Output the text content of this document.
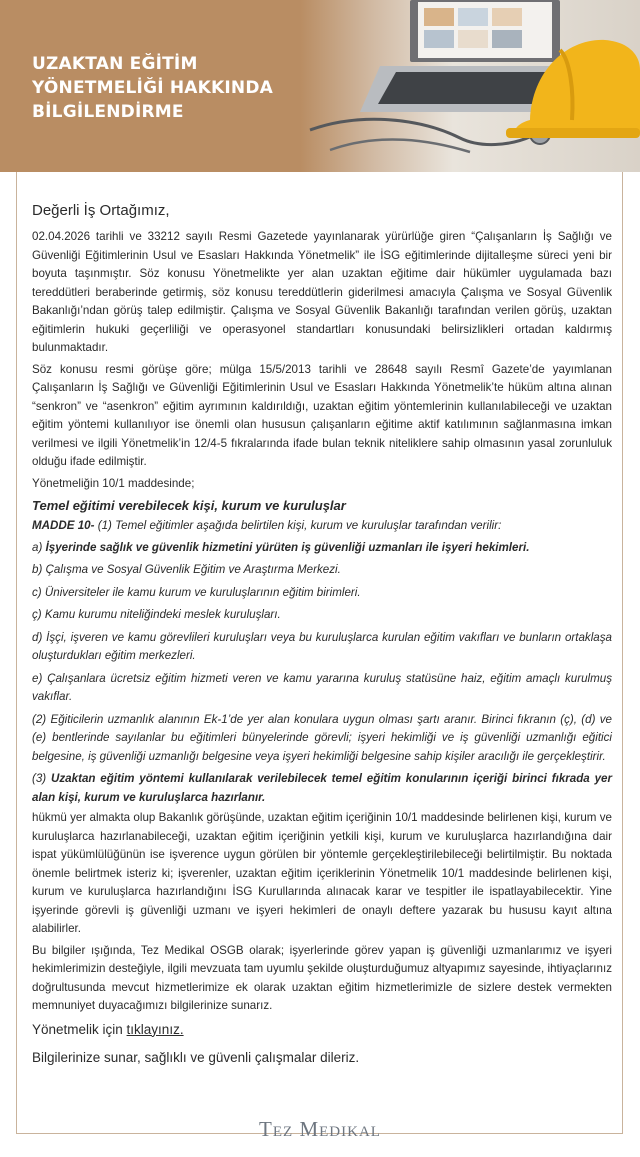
UZAKTAN EĞİTİM
YÖNETMELİĞİ HAKKINDA
BİLGİLENDİRME
Değerli İş Ortağımız,
02.04.2026 tarihli ve 33212 sayılı Resmi Gazetede yayınlanarak yürürlüğe giren “Çalışanların İş Sağlığı ve Güvenliği Eğitimlerinin Usul ve Esasları Hakkında Yönetmelik” ile İSG eğitimlerinde dijitalleşme süreci yeni bir boyuta taşınmıştır. Söz konusu Yönetmelikte yer alan uzaktan eğitime dair hükümler uygulamada bazı tereddütleri beraberinde getirmiş, söz konusu tereddütlerin giderilmesi amacıyla Çalışma ve Sosyal Güvenlik Bakanlığı’ndan görüş talep edilmiştir. Çalışma ve Sosyal Güvenlik Bakanlığı tarafından verilen görüş, uzaktan eğitimlerin hukuki geçerliliği ve operasyonel standartları konusundaki belirsizlikleri ortadan kaldırmış bulunmaktadır.
Söz konusu resmi görüşe göre; mülga 15/5/2013 tarihli ve 28648 sayılı Resmî Gazete’de yayımlanan Çalışanların İş Sağlığı ve Güvenliği Eğitimlerinin Usul ve Esasları Hakkında Yönetmelik’te hüküm altına alınan “senkron” ve “asenkron” eğitim ayrımının kaldırıldığı, uzaktan eğitim yöntemlerinin kullanılabileceği ve uzaktan eğitim yöntemi kullanılıyor ise önemli olan hususun çalışanların eğitime aktif katılımının sağlanmasına imkan verilmesi ve ilgili Yönetmelik’in 12/4-5 fıkralarında ifade bulan teknik niteliklere sahip olmasının yasal zorunluluk olduğu ifade edilmiştir.
Yönetmeliğin 10/1 maddesinde;
Temel eğitimi verebilecek kişi, kurum ve kuruluşlar
MADDE 10- (1) Temel eğitimler aşağıda belirtilen kişi, kurum ve kuruluşlar tarafından verilir:
a) İşyerinde sağlık ve güvenlik hizmetini yürüten iş güvenliği uzmanları ile işyeri hekimleri.
b) Çalışma ve Sosyal Güvenlik Eğitim ve Araştırma Merkezi.
c) Üniversiteler ile kamu kurum ve kuruluşlarının eğitim birimleri.
ç) Kamu kurumu niteliğindeki meslek kuruluşları.
d) İşçi, işveren ve kamu görevlileri kuruluşları veya bu kuruluşlarca kurulan eğitim vakıfları ve bunların ortaklaşa oluşturdukları eğitim merkezleri.
e) Çalışanlara ücretsiz eğitim hizmeti veren ve kamu yararına kuruluş statüsüne haiz, eğitim amaçlı kurulmuş vakıflar.
(2) Eğiticilerin uzmanlık alanının Ek-1’de yer alan konulara uygun olması şartı aranır. Birinci fıkranın (ç), (d) ve (e) bentlerinde sayılanlar bu eğitimleri bünyelerinde görevli; işyeri hekimliği ve iş güvenliği uzmanlığı eğitici belgesine, iş güvenliği uzmanlığı belgesine veya işyeri hekimliği belgesine sahip kişiler aracılığı ile gerçekleştirir.
(3) Uzaktan eğitim yöntemi kullanılarak verilebilecek temel eğitim konularının içeriği birinci fıkrada yer alan kişi, kurum ve kuruluşlarca hazırlanır.
hükmü yer almakta olup Bakanlık görüşünde, uzaktan eğitim içeriğinin 10/1 maddesinde belirlenen kişi, kurum ve kuruluşlarca hazırlanabileceği, uzaktan eğitim içeriğinin yetkili kişi, kurum ve kuruluşlarca hazırlandığına dair ispat yükümlülüğünün ise işverence uygun görülen bir yöntemle gerçekleştirilebileceği belirtilmiştir. Bu noktada önemle belirtmek isteriz ki; işverenler, uzaktan eğitim içeriklerinin Yönetmelik 10/1 maddesinde belirlenen kişi, kurum ve kuruluşlarca hazırlandığını İSG Kurullarında alınacak karar ve tespitler ile ispatlayabilecektir. Yine işyerinde görevli iş güvenliği uzmanı ve işyeri hekimleri de onaylı deftere yazarak bu hususu kayıt altına alabilirler.
Bu bilgiler ışığında, Tez Medikal OSGB olarak; işyerlerinde görev yapan iş güvenliği uzmanlarımız ve işyeri hekimlerimizin desteğiyle, ilgili mevzuata tam uyumlu şekilde oluşturduğumuz altyapımız sayesinde, ihtiyaçlarınız doğrultusunda mevcut hizmetlerimize ek olarak uzaktan eğitim hizmetlerimizle de sizlere destek vermekten memnuniyet duyacağımızı bilgilerinize sunarız.
Yönetmelik için tıklayınız.
Bilgilerinize sunar, sağlıklı ve güvenli çalışmalar dileriz.
Tez Medikal
